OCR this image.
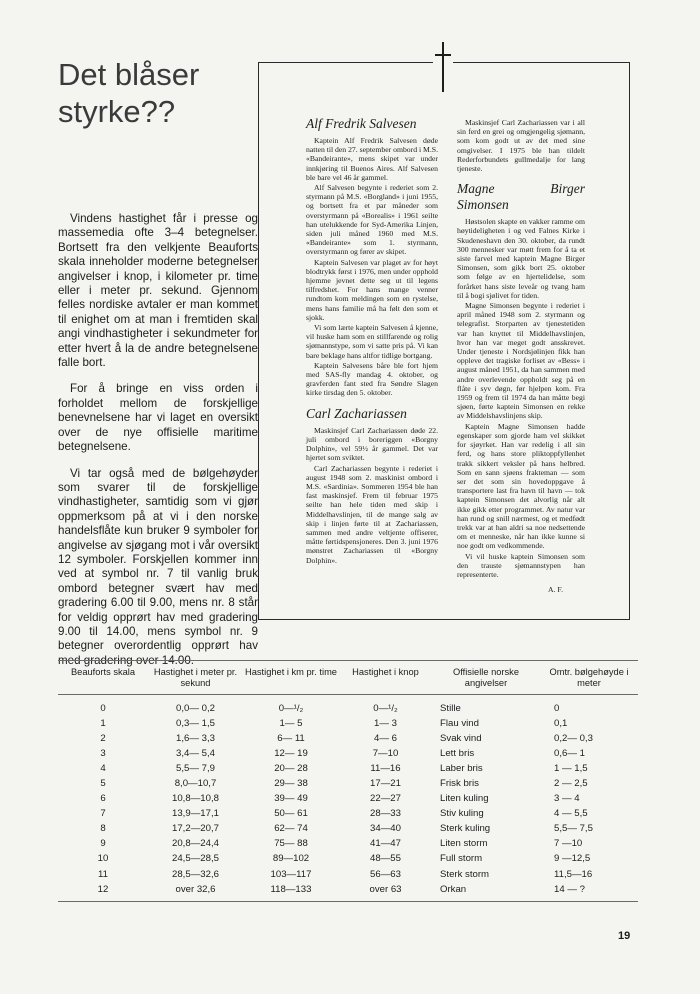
Det blåser styrke??

Vindens hastighet får i presse og massemedia ofte 3–4 betegnelser. Bortsett fra den velkjente Beauforts skala inneholder moderne betegnelser angivelser i knop, i kilometer pr. time eller i meter pr. sekund. Gjennom felles nordiske avtaler er man kommet til enighet om at man i fremtiden skal angi vindhastigheter i sekundmeter for etter hvert å la de andre betegnelsene falle bort.

For å bringe en viss orden i forholdet mellom de forskjellige benevnelsene har vi laget en oversikt over de nye offisielle maritime betegnelsene.

Vi tar også med de bølgehøyder som svarer til de forskjellige vindhastigheter, samtidig som vi gjør oppmerksom på at vi i den norske handelsflåte kun bruker 9 symboler for angivelse av sjøgang mot i vår oversikt 12 symboler. Forskjellen kommer inn ved at symbol nr. 7 til vanlig bruk ombord betegner svært hav med gradering 6.00 til 9.00, mens nr. 8 står for veldig opprørt hav med gradering 9.00 til 14.00, mens symbol nr. 9 betegner overordentlig opprørt hav med gradering over 14.00.

Alf Fredrik Salvesen

Kaptein Alf Fredrik Salvesen døde natten til den 27. september ombord i M.S. «Bandeirante», mens skipet var under innkjøring til Buenos Aires. Alf Salvesen ble bare vel 46 år gammel.

Alf Salvesen begynte i rederiet som 2. styrmann på M.S. «Borgland» i juni 1955, og bortsett fra et par måneder som overstyrmann på «Borealis» i 1961 seilte han utelukkende for Syd-Amerika Linjen, siden juli måned 1960 med M.S. «Bandeirante» som 1. styrmann, overstyrmann og fører av skipet.

Kaptein Salvesen var plaget av for høyt blodtrykk først i 1976, men under opphold hjemme jevnet dette seg ut til legens tilfredshet. For hans mange venner rundtom kom meldingen som en rystelse, mens hans familie må ha følt den som et sjokk.

Vi som lærte kaptein Salvesen å kjenne, vil huske ham som en stillfarende og rolig sjømannstype, som vi satte pris på. Vi kan bare beklage hans altfor tidlige bortgang.

Kaptein Salvesens båre ble fort hjem med SAS-fly mandag 4. oktober, og gravferden fant sted fra Søndre Slagen kirke tirsdag den 5. oktober.

Carl Zachariassen

Maskinsjef Carl Zachariassen døde 22. juli ombord i boreriggen «Borgny Dolphin», vel 59½ år gammel. Det var hjertet som sviktet.

Carl Zachariassen begynte i rederiet i august 1948 som 2. maskinist ombord i M.S. «Sardinia». Sommeren 1954 ble han fast maskinsjef. Frem til februar 1975 seilte han hele tiden med skip i Middelhavslinjen, til de mange salg av skip i linjen førte til at Zachariassen, sammen med andre veltjente offiserer, måtte førtidspensjoneres. Den 3. juni 1976 mønstret Zachariassen til «Borgny Dolphin».

Maskinsjef Carl Zachariassen var i all sin ferd en grei og omgjengelig sjømann, som kom godt ut av det med sine omgivelser. I 1975 ble han tildelt Rederforbundets gullmedalje for lang tjeneste.

Magne Birger Simonsen

Høstsolen skapte en vakker ramme om høytideligheten i og ved Falnes Kirke i Skudeneshavn den 30. oktober, da rundt 300 mennesker var møtt frem for å ta et siste farvel med kaptein Magne Birger Simonsen, som gikk bort 25. oktober som følge av en hjertelidelse, som forårket hans siste leveår og tvang ham til å bogi sjølivet for tiden.

Magne Simonsen begynte i rederiet i april måned 1948 som 2. styrmann og telegrafist. Storparten av tjenestetiden var han knyttet til Middelhavslinjen, hvor han var meget godt ansskrevet. Under tjeneste i Nordsjølinjen fikk han oppleve det tragiske forliset av «Bess» i august måned 1951, da han sammen med andre overlevende oppholdt seg på en flåte i syv døgn, før hjelpen kom. Fra 1959 og frem til 1974 da han måtte begi sjøen, førte kaptein Simonsen en rekke av Middelshavslinjens skip.

Kaptein Magne Simonsen hadde egenskaper som gjorde ham vel skikket for sjøyrket. Han var redelig i all sin ferd, og hans store pliktoppfyllenhet trakk sikkert veksler på hans helbred. Som en sann sjøens frakteman — som ser det som sin hovedoppgave å transportere last fra havn til havn — tok kaptein Simonsen det alvorlig når alt ikke gikk etter programmet. Av natur var han rund og snill nærmest, og et medfødt trekk var at han aldri sa noe nedsettende om et menneske, når han ikke kunne si noe godt om vedkommende.

Vi vil huske kaptein Simonsen som den trauste sjømannstypen han representerte.

A. F.
Beauforts skala	Hastighet i meter pr. sekund	Hastighet i km pr. time	Hastighet i knop	Offisielle norske angivelser	Omtr. bølgehøyde i meter
0	0,0— 0,2	0—¹/₂	0—¹/₂	Stille	0
1	0,3— 1,5	1— 5	1— 3	Flau vind	0,1
2	1,6— 3,3	6— 11	4— 6	Svak vind	0,2— 0,3
3	3,4— 5,4	12— 19	7—10	Lett bris	0,6— 1
4	5,5— 7,9	20— 28	11—16	Laber bris	1 — 1,5
5	8,0—10,7	29— 38	17—21	Frisk bris	2 — 2,5
6	10,8—10,8	39— 49	22—27	Liten kuling	3 — 4
7	13,9—17,1	50— 61	28—33	Stiv kuling	4 — 5,5
8	17,2—20,7	62— 74	34—40	Sterk kuling	5,5— 7,5
9	20,8—24,4	75— 88	41—47	Liten storm	7 —10
10	24,5—28,5	89—102	48—55	Full storm	9 —12,5
11	28,5—32,6	103—117	56—63	Sterk storm	11,5—16
12	over 32,6	118—133	over 63	Orkan	14 — ?
19
